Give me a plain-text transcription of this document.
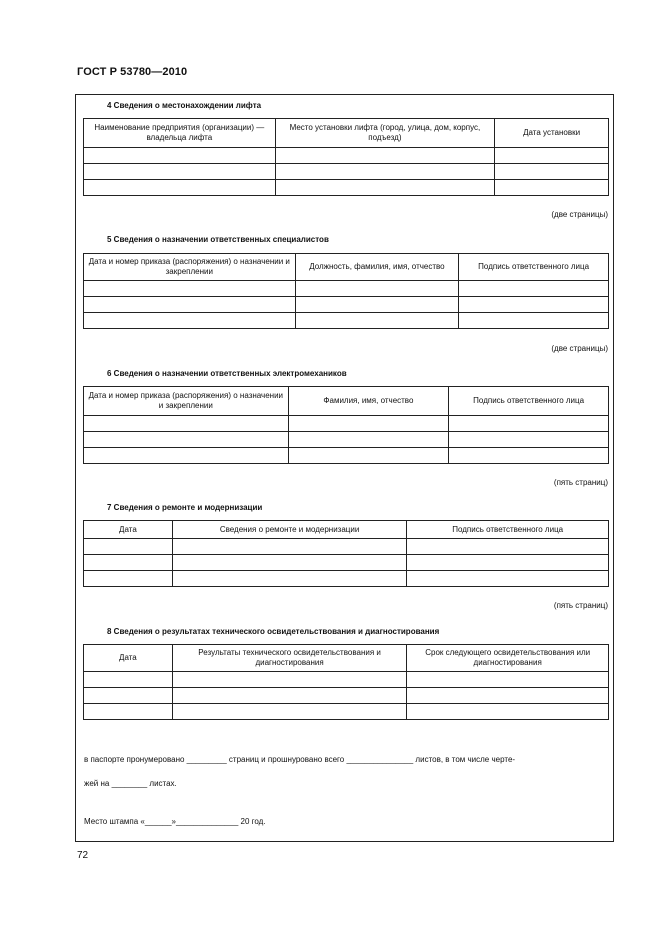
ГОСТ Р 53780—2010
4 Сведения о местонахождении лифта
Наименование предприятия (организации) — владельца лифта	Место установки лифта (город, улица, дом, корпус, подъезд)	Дата установки

(две страницы)
5 Сведения о назначении ответственных специалистов
Дата и номер приказа (распоряжения) о назначении и закреплении	Должность, фамилия, имя, отчество	Подпись ответственного лица

(две страницы)
6 Сведения о назначении ответственных электромехаников
Дата и номер приказа (распоряжения) о назначении и закреплении	Фамилия, имя, отчество	Подпись ответственного лица

(пять страниц)
7 Сведения о ремонте и модернизации
Дата	Сведения о ремонте и модернизации	Подпись ответственного лица

(пять страниц)
8 Сведения о результатах технического освидетельствования и диагностирования
Дата	Результаты технического освидетельствования и диагностирования	Срок следующего освидетельствования или диагностирования

в паспорте пронумеровано _________ страниц и прошнуровано всего _______________ листов, в том числе черте-
жей на ________ листах.
Место штампа «______»______________ 20 год.
72
